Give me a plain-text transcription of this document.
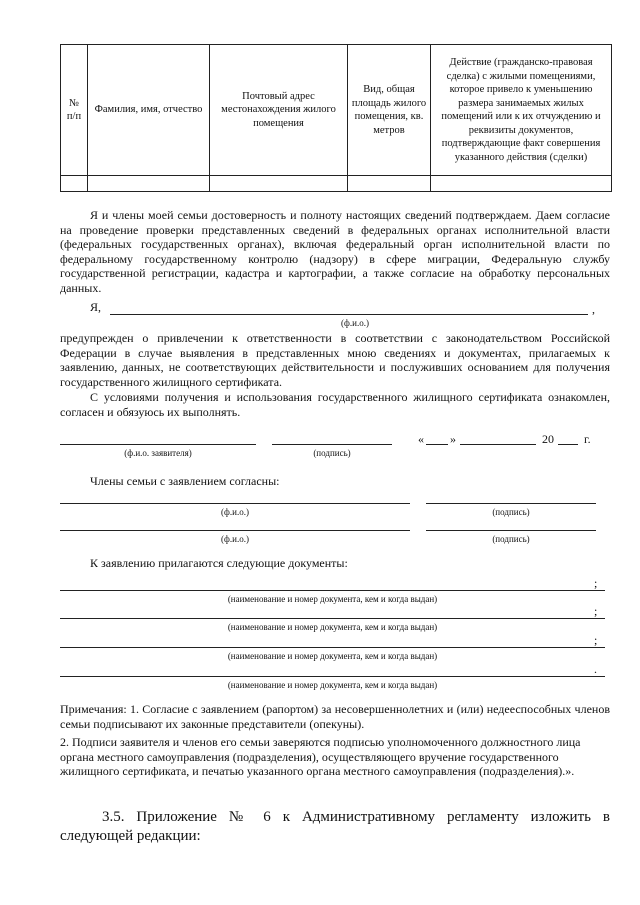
№ п/п	Фамилия, имя, отчество	Почтовый адрес местонахождения жилого помещения	Вид, общая площадь жилого помещения, кв. метров	Действие (гражданско-правовая сделка) с жилыми помещениями, которое привело к уменьшению размера занимаемых жилых помещений или к их отчуждению и реквизиты документов, подтверждающие факт совершения указанного действия (сделки)

Я и члены моей семьи достоверность и полноту настоящих сведений подтверждаем. Даем согласие на проведение проверки представленных сведений в федеральных органах исполнительной власти (федеральных государственных органах), включая федеральный орган исполнительной власти по федеральному государственному контролю (надзору) в сфере миграции, Федеральную службу государственной регистрации, кадастра и картографии, а также согласие на обработку персональных данных.
Я,	,
(ф.и.о.)
предупрежден о привлечении к ответственности в соответствии с законодательством Российской Федерации в случае выявления в представленных мною сведениях и документах, прилагаемых к заявлению, данных, не соответствующих действительности и послуживших основанием для получения государственного жилищного сертификата.
С условиями получения и использования государственного жилищного сертификата ознакомлен, согласен и обязуюсь их выполнять.
(ф.и.о. заявителя)	(подпись)
« »	20	г.
Члены семьи с заявлением согласны:
(ф.и.о.)	(подпись)
(ф.и.о.)	(подпись)
К заявлению прилагаются следующие документы:
;
(наименование и номер документа, кем и когда выдан)
;
(наименование и номер документа, кем и когда выдан)
;
(наименование и номер документа, кем и когда выдан)
.
(наименование и номер документа, кем и когда выдан)
Примечания: 1. Согласие с заявлением (рапортом) за несовершеннолетних и (или) недееспособных членов семьи подписывают их законные представители (опекуны).
2. Подписи заявителя и членов его семьи заверяются подписью уполномоченного должностного лица органа местного самоуправления (подразделения), осуществляющего вручение государственного жилищного сертификата, и печатью указанного органа местного самоуправления (подразделения).».
3.5. Приложение № 6 к Административному регламенту изложить в следующей редакции:
